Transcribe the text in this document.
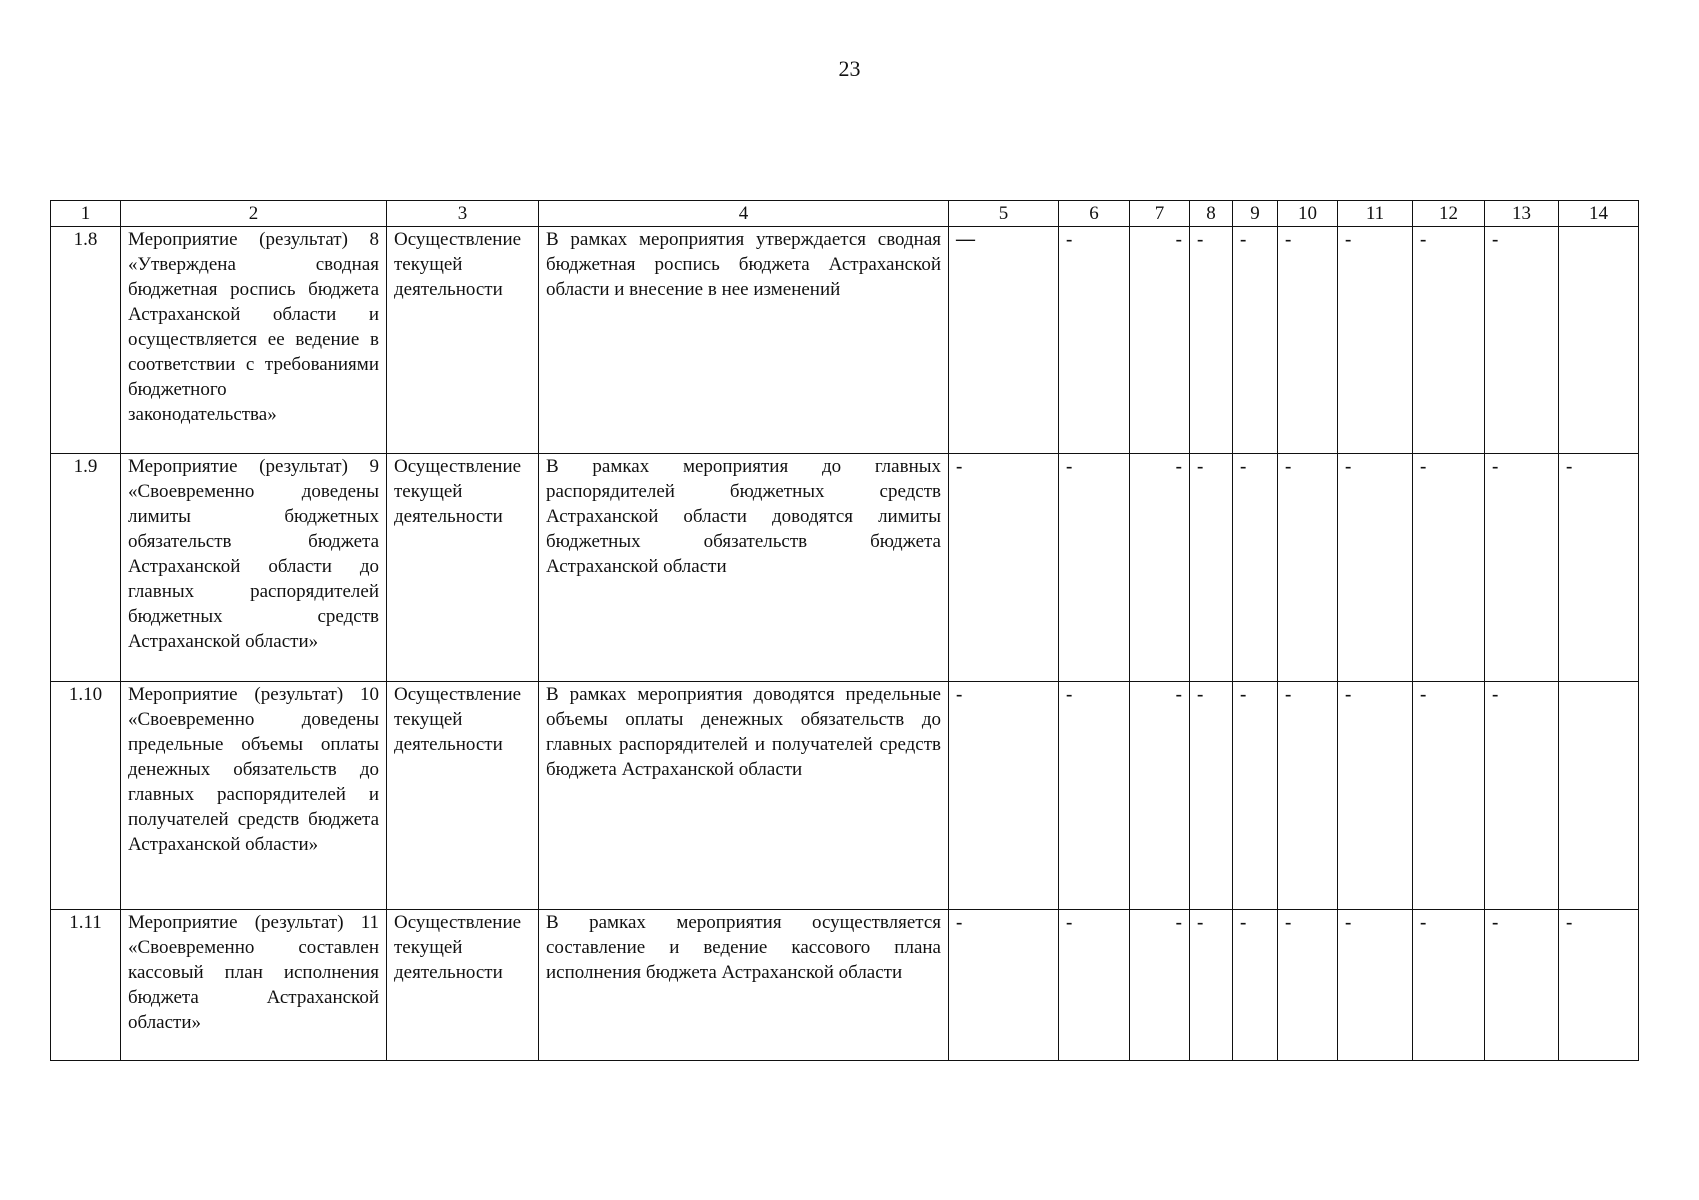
23
1	2	3	4	5	6	7	8	9	10	11	12	13	14
1.8	Мероприятие (результат) 8 «Утверждена сводная бюджетная роспись бюджета Астраханской области и осуществляется ее ведение в соответствии с требованиями бюджетного законодательства»	Осуществление текущей деятельности	В рамках мероприятия утверждается сводная бюджетная роспись бюджета Астраханской области и внесение в нее изменений	—	-	-	-	-	-	-	-	-	
1.9	Мероприятие (результат) 9 «Своевременно доведены лимиты бюджетных обязательств бюджета Астраханской области до главных распорядителей бюджетных средств Астраханской области»	Осуществление текущей деятельности	В рамках мероприятия до главных распорядителей бюджетных средств Астраханской области доводятся лимиты бюджетных обязательств бюджета Астраханской области	-	-	-	-	-	-	-	-	-	-
1.10	Мероприятие (результат) 10 «Своевременно доведены предельные объемы оплаты денежных обязательств до главных распорядителей и получателей средств бюджета Астраханской области»	Осуществление текущей деятельности	В рамках мероприятия доводятся предельные объемы оплаты денежных обязательств до главных распорядителей и получателей средств бюджета Астраханской области	-	-	-	-	-	-	-	-	-	
1.11	Мероприятие (результат) 11 «Своевременно составлен кассовый план исполнения бюджета Астраханской области»	Осуществление текущей деятельности	В рамках мероприятия осуществляется составление и ведение кассового плана исполнения бюджета Астраханской области	-	-	-	-	-	-	-	-	-	-
